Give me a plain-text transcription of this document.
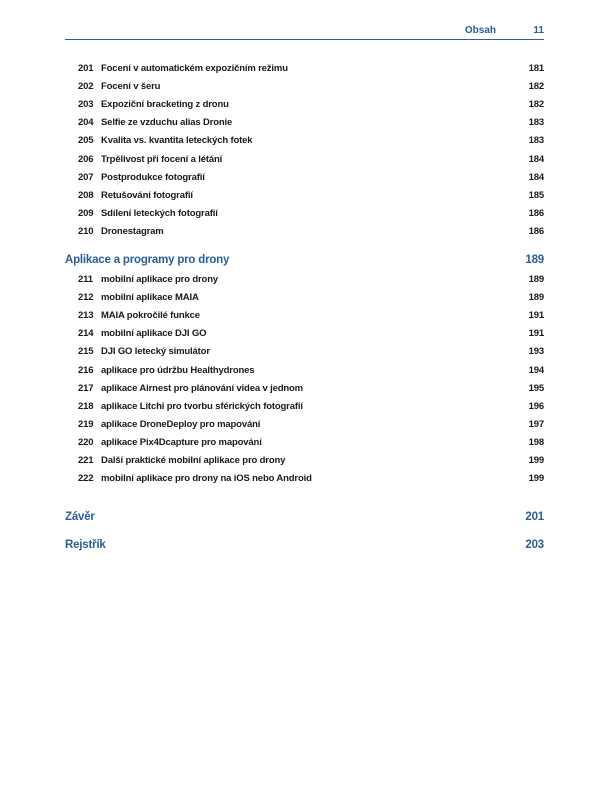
Obsah	11
201 Focení v automatickém expozičním režimu	181
202 Focení v šeru	182
203 Expoziční bracketing z dronu	182
204 Selfie ze vzduchu alias Dronie	183
205 Kvalita vs. kvantita leteckých fotek	183
206 Trpělivost při focení a létání	184
207 Postprodukce fotografií	184
208 Retušování fotografií	185
209 Sdílení leteckých fotografií	186
210 Dronestagram	186
Aplikace a programy pro drony	189
211 mobilní aplikace pro drony	189
212 mobilní aplikace MAIA	189
213 MAIA pokročilé funkce	191
214 mobilní aplikace DJI GO	191
215 DJI GO letecký simulátor	193
216 aplikace pro údržbu Healthydrones	194
217 aplikace Airnest pro plánování videa v jednom	195
218 aplikace Litchi pro tvorbu sférických fotografií	196
219 aplikace DroneDeploy pro mapování	197
220 aplikace Pix4Dcapture pro mapování	198
221 Další praktické mobilní aplikace pro drony	199
222 mobilní aplikace pro drony na iOS nebo Android	199
Závěr	201
Rejstřík	203
